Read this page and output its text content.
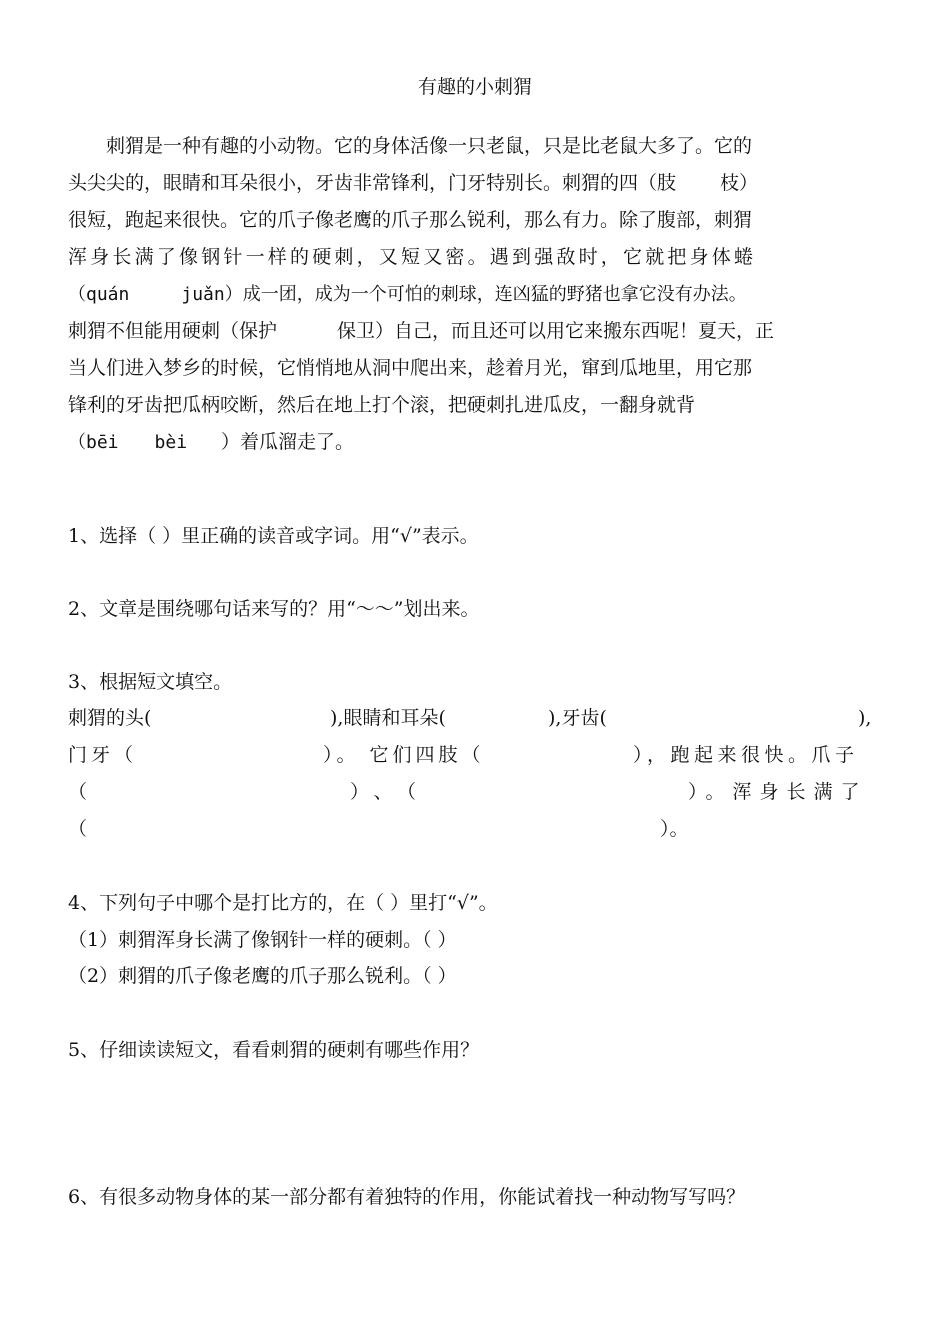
有趣的小刺猬
刺猬是一种有趣的小动物。它的身体活像一只老鼠，只是比老鼠大多了。它的
头尖尖的，眼睛和耳朵很小，牙齿非常锋利，门牙特别长。刺猬的四（肢 枝）
很短，跑起来很快。它的爪子像老鹰的爪子那么锐利，那么有力。除了腹部，刺猬
浑身长满了像钢针一样的硬刺，又短又密。遇到强敌时，它就把身体蜷
（quán	juǎn）成一团，成为一个可怕的刺球，连凶猛的野猪也拿它没有办法。
刺猬不但能用硬刺（保护	保卫）自己，而且还可以用它来搬东西呢！夏天，正
当人们进入梦乡的时候，它悄悄地从洞中爬出来，趁着月光，窜到瓜地里，用它那
锋利的牙齿把瓜柄咬断，然后在地上打个滚，把硬刺扎进瓜皮，一翻身就背
（bēi bèi ）着瓜溜走了。
1、选择（ ）里正确的读音或字词。用“√”表示。
2、文章是围绕哪句话来写的？用“～～”划出来。
3、根据短文填空。
刺猬的头(	),眼睛和耳朵(	),牙齿(	),
门牙（	）。 它们四肢（	），跑起来很快。爪子
（	）、（	）。浑身长满了
（	）。
4、下列句子中哪个是打比方的，在（ ）里打“√”。
（1）刺猬浑身长满了像钢针一样的硬刺。（ ）
（2）刺猬的爪子像老鹰的爪子那么锐利。（ ）
5、仔细读读短文，看看刺猬的硬刺有哪些作用？
6、有很多动物身体的某一部分都有着独特的作用，你能试着找一种动物写写吗？
